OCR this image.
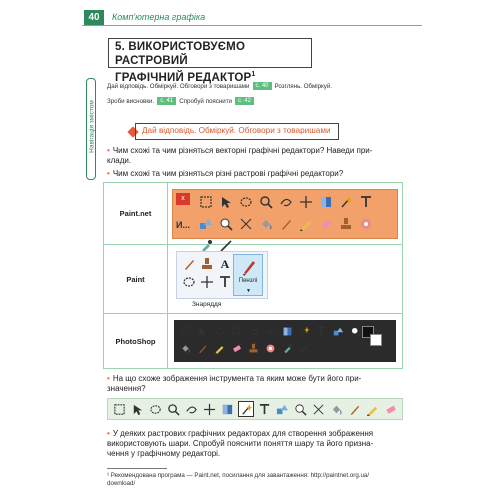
40	Комп'ютерна графіка
5. ВИКОРИСТОВУЄМО РАСТРОВИЙ
ГРАФІЧНИЙ РЕДАКТОР$^1$
Навігація змістом
Дай відповідь. Обміркуй. Обговори з товаришами	с. 40 Розглянь. Обміркуй.
Зроби висновки.	с. 41 Спробуй пояснити	с. 42
Дай відповідь. Обміркуй. Обговори з товаришами
• Чим схожі та чим різняться векторні графічні редактори? Наведи при-
клади.
• Чим схожі та чим різняться різні растрові графічні редактори?
Paint.net	x
И...

Paint	A
Пензлі
▼
Знаряддя

PhotoShop	
• На що схоже зображення інструмента та яким може бути його при-
значення?
• У деяких растрових графічних редакторах для створення зображення
використовують шари. Спробуй пояснити поняття шару та його призна-
чення у графічному редакторі.
¹ Рекомендована програма — Paint.net, посилання для завантаження: http://paintnet.org.ua/
download/
